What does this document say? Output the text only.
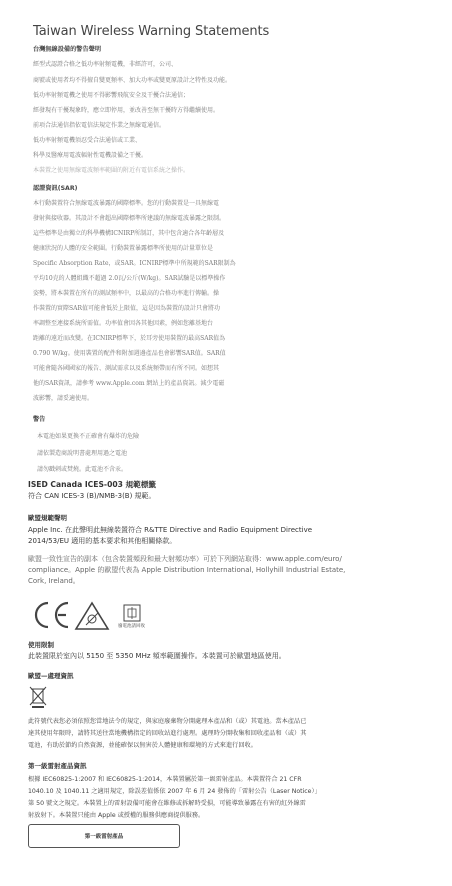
Taiwan Wireless Warning Statements
台灣無線設備的警告聲明
經型式認證合格之低功率射頻電機，非經許可，公司、
商號或使用者均不得擅自變更頻率、加大功率或變更原設計之特性及功能。
低功率射頻電機之使用不得影響飛航安全及干擾合法通信；
經發現有干擾現象時，應立即停用，並改善至無干擾時方得繼續使用。
前項合法通信指依電信法規定作業之無線電通信。
低功率射頻電機須忍受合法通信或工業、
科學及醫療用電波輻射性電機設備之干擾。
本裝置之使用無線電波頻率範圍的附近有電信系統之操作。
認證資訊(SAR)
本行動裝置符合無線電波暴露的國際標準。您的行動裝置是一具無線電
發射與接收器。其設計不會超出國際標準所建議的無線電波暴露之限制。
這些標準是由獨立的科學機構ICNIRP所制訂，其中包含適合各年齡層及
健康狀況的人體的安全範圍。行動裝置暴露標準所使用的計量單位是
Specific Absorption Rate，或SAR。ICNIRP標準中所規範的SAR限制為
平均10克的人體組織不超過 2.0瓦/公斤(W/kg)。SAR試驗是以標準操作
姿勢，將本裝置在所有的測試頻率中，以最高的合格功率進行傳輸。操
作裝置的實際SAR值可能會低於上限值，這是因為裝置的設計只會將功
率調整至連接系統所需值。功率值會因各其他因素，例如您離基地台
距離的遠近而改變。在ICNIRP標準下，於耳旁使用裝置的最高SAR值為
0.790 W/kg。使用裝置的配件和附加週邊產品也會影響SAR值。SAR值
可能會隨各國國家的報告、測試需求以及系統頻帶而有所不同。如想其
他的SAR資訊，請參考 www.Apple.com 網站上的產品資訊。減少電磁
波影響，請妥適使用。
警告
本電池如果更換不正確會有爆炸的危險
請依製造商說明書處理用過之電池
請勿戳刺或焚燒。此電池不含汞。
ISED Canada ICES-003 規範標籤
符合 CAN ICES-3 (B)/NMB-3(B) 規範。
歐盟規範聲明
Apple Inc. 在此聲明此無線裝置符合 R&TTE Directive and Radio Equipment Directive
2014/53/EU 適用的基本要求和其他相關條款。
歐盟一致性宣告的副本（包含裝置頻段和最大射頻功率）可於下列網站取得：www.apple.com/euro/
compliance。Apple 的歐盟代表為 Apple Distribution International, Hollyhill Industrial Estate,
Cork, Ireland。
廢電池請回收
使用限制
此裝置限於室內以 5150 至 5350 MHz 頻率範圍操作。本裝置可於歐盟地區使用。
歐盟—處理資訊
此符號代表您必須依照您當地法令的規定，與家庭廢棄物分開處理本產品和（或）其電池。當本產品已
達其使用年限時，請將其送往當地機構指定的回收站進行處理。處理時分開收集和回收產品和（或）其
電池，有助於節約自然資源，並能確保以無害於人體健康和環境的方式來進行回收。
第一級雷射產品資訊
根據 IEC60825-1:2007 和 IEC60825-1:2014，本裝置屬於第一級雷射產品。本裝置符合 21 CFR
1040.10 及 1040.11 之適用規定，除誤差值係依 2007 年 6 月 24 發佈的「雷射公告（Laser Notice）」
第 50 號文之規定。本裝置上的雷射設備可能會在維修或拆解時受損，可能導致暴露在有害的紅外線雷
射放射下。本裝置只能由 Apple 或授權的服務供應商提供服務。
第一級雷射產品
